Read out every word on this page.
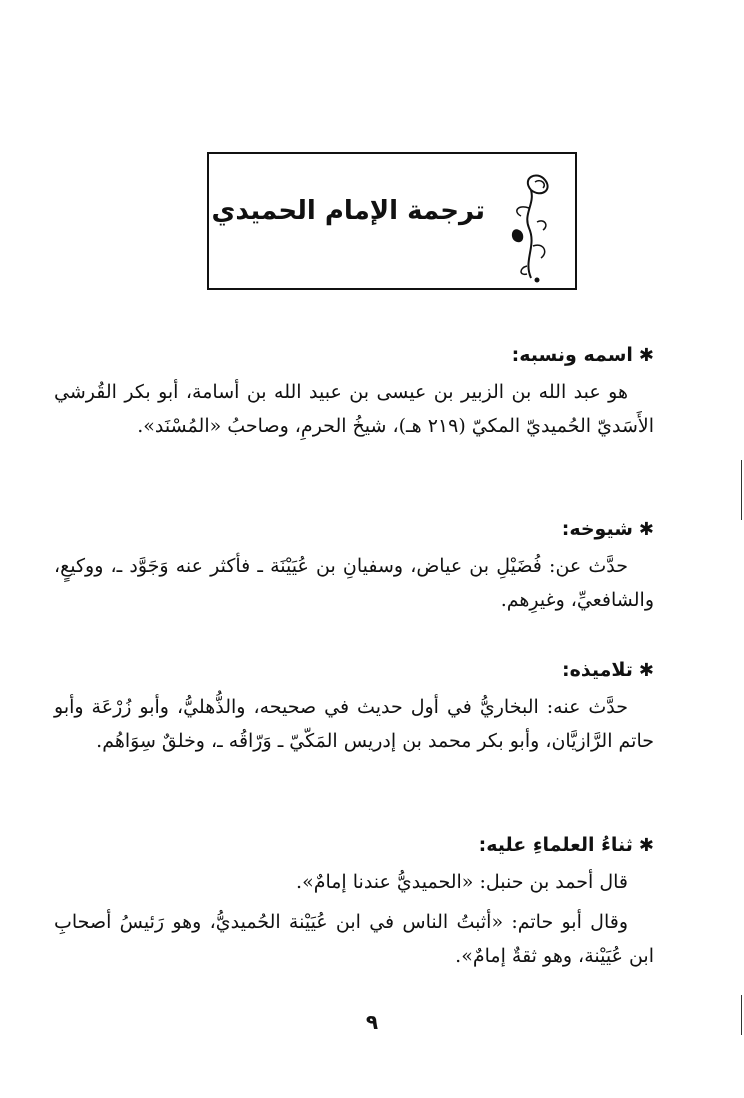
ترجمة الإمام الحميدي
✱اسمه ونسبه:

هو عبد الله بن الزبير بن عيسى بن عبيد الله بن أسامة، أبو بكر القُرشي الأَسَديّ الحُميديّ المكيّ (٢١٩ هـ)، شيخُ الحرمِ، وصاحبُ «المُسْنَد».

✱شيوخه:

حدَّث عن: فُضَيْلِ بن عياض، وسفيانِ بن عُيَيْنَة ـ فأكثر عنه وَجَوَّد ـ، ووكيعٍ، والشافعيِّ، وغيرِهم.

✱تلاميذه:

حدَّث عنه: البخاريُّ في أول حديث في صحيحه، والذُّهليُّ، وأبو زُرْعَة وأبو حاتم الرَّازيَّان، وأبو بكر محمد بن إدريس المَكّيّ ـ وَرّاقُه ـ، وخلقٌ سِوَاهُم.

✱ثناءُ العلماءِ عليه:

قال أحمد بن حنبل: «الحميديُّ عندنا إمامٌ».

وقال أبو حاتم: «أثبتُ الناس في ابن عُيَيْنة الحُميديُّ، وهو رَئيسُ أصحابِ ابن عُيَيْنة، وهو ثقةٌ إمامٌ».

٩
